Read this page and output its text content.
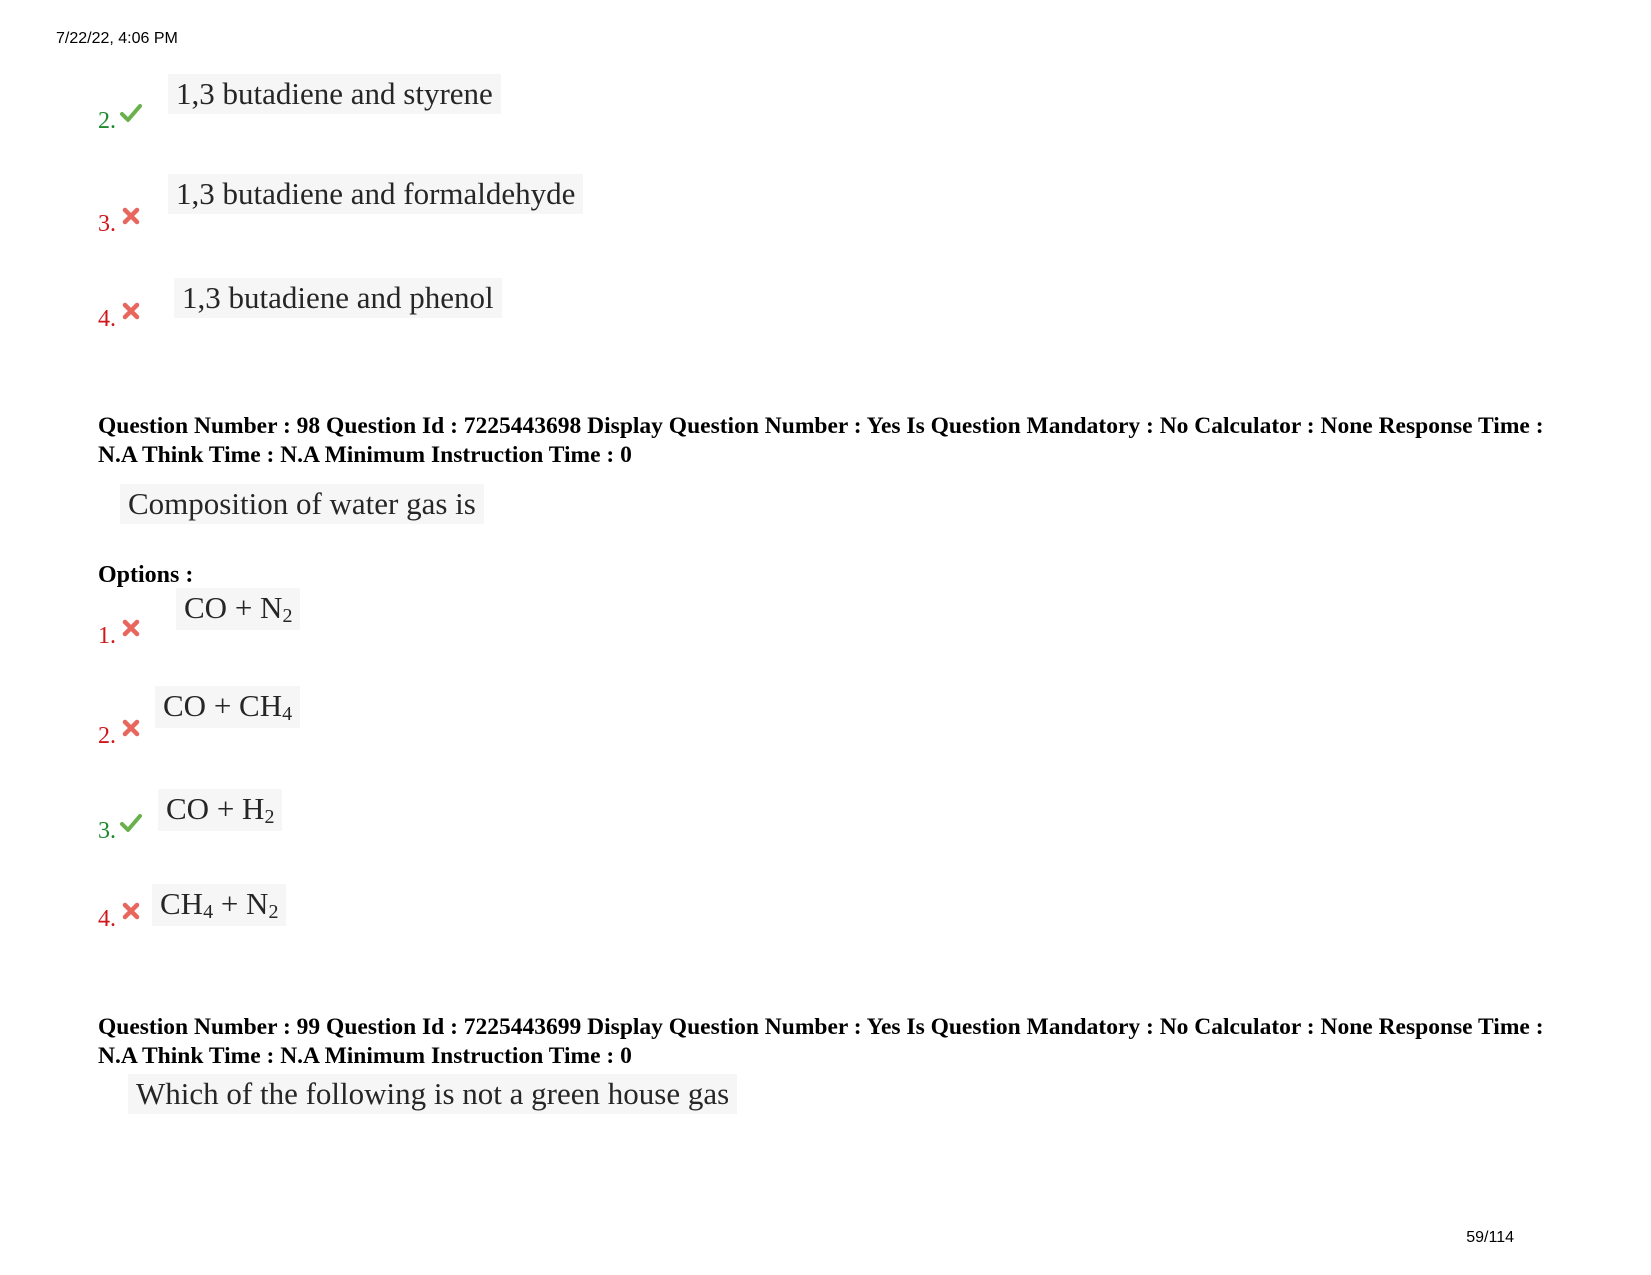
7/22/22, 4:06 PM
2.
1,3 butadiene and styrene
3.
1,3 butadiene and formaldehyde
4.
1,3 butadiene and phenol
Question Number : 98 Question Id : 7225443698 Display Question Number : Yes Is Question Mandatory : No Calculator : None Response Time : N.A Think Time : N.A Minimum Instruction Time : 0
Composition of water gas is
Options :
1.
CO + $N_2$
2.
CO + $CH_4$
3.
CO + $H_2$
4.	$CH_4 + N_2$
Question Number : 99 Question Id : 7225443699 Display Question Number : Yes Is Question Mandatory : No Calculator : None Response Time : N.A Think Time : N.A Minimum Instruction Time : 0
Which of the following is not a green house gas
59/114
